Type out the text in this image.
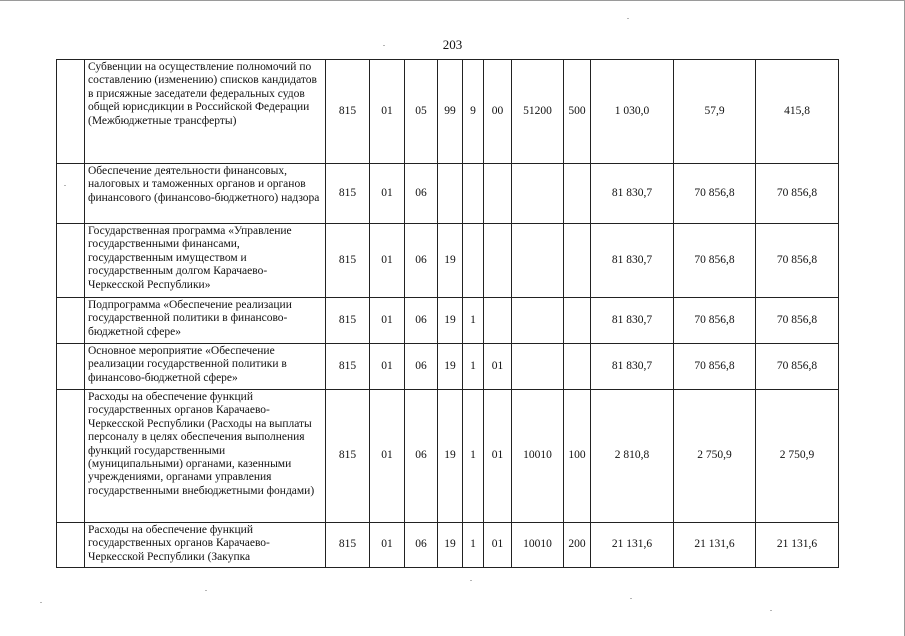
203
	Субвенции на осуществление полномочий по составлению (изменению) списков кандидатов в присяжные заседатели федеральных судов общей юрисдикции в Российской Федерации (Межбюджетные трансферты)	815	01	05	99	9	00	51200	500	1 030,0	57,9	415,8
	Обеспечение деятельности финансовых, налоговых и таможенных органов и органов финансового (финансово-бюджетного) надзора	815	01	06						81 830,7	70 856,8	70 856,8
	Государственная программа «Управление государственными финансами, государственным имуществом и государственным долгом Карачаево-Черкесской Республики»	815	01	06	19					81 830,7	70 856,8	70 856,8
	Подпрограмма «Обеспечение реализации государственной политики в финансово-бюджетной сфере»	815	01	06	19	1				81 830,7	70 856,8	70 856,8
	Основное мероприятие «Обеспечение реализации государственной политики в финансово-бюджетной сфере»	815	01	06	19	1	01			81 830,7	70 856,8	70 856,8
	Расходы на обеспечение функций государственных органов Карачаево-Черкесской Республики (Расходы на выплаты персоналу в целях обеспечения выполнения функций государственными (муниципальными) органами, казенными учреждениями, органами управления государственными внебюджетными фондами)	815	01	06	19	1	01	10010	100	2 810,8	2 750,9	2 750,9
	Расходы на обеспечение функций государственных органов Карачаево-Черкесской Республики (Закупка	815	01	06	19	1	01	10010	200	21 131,6	21 131,6	21 131,6
